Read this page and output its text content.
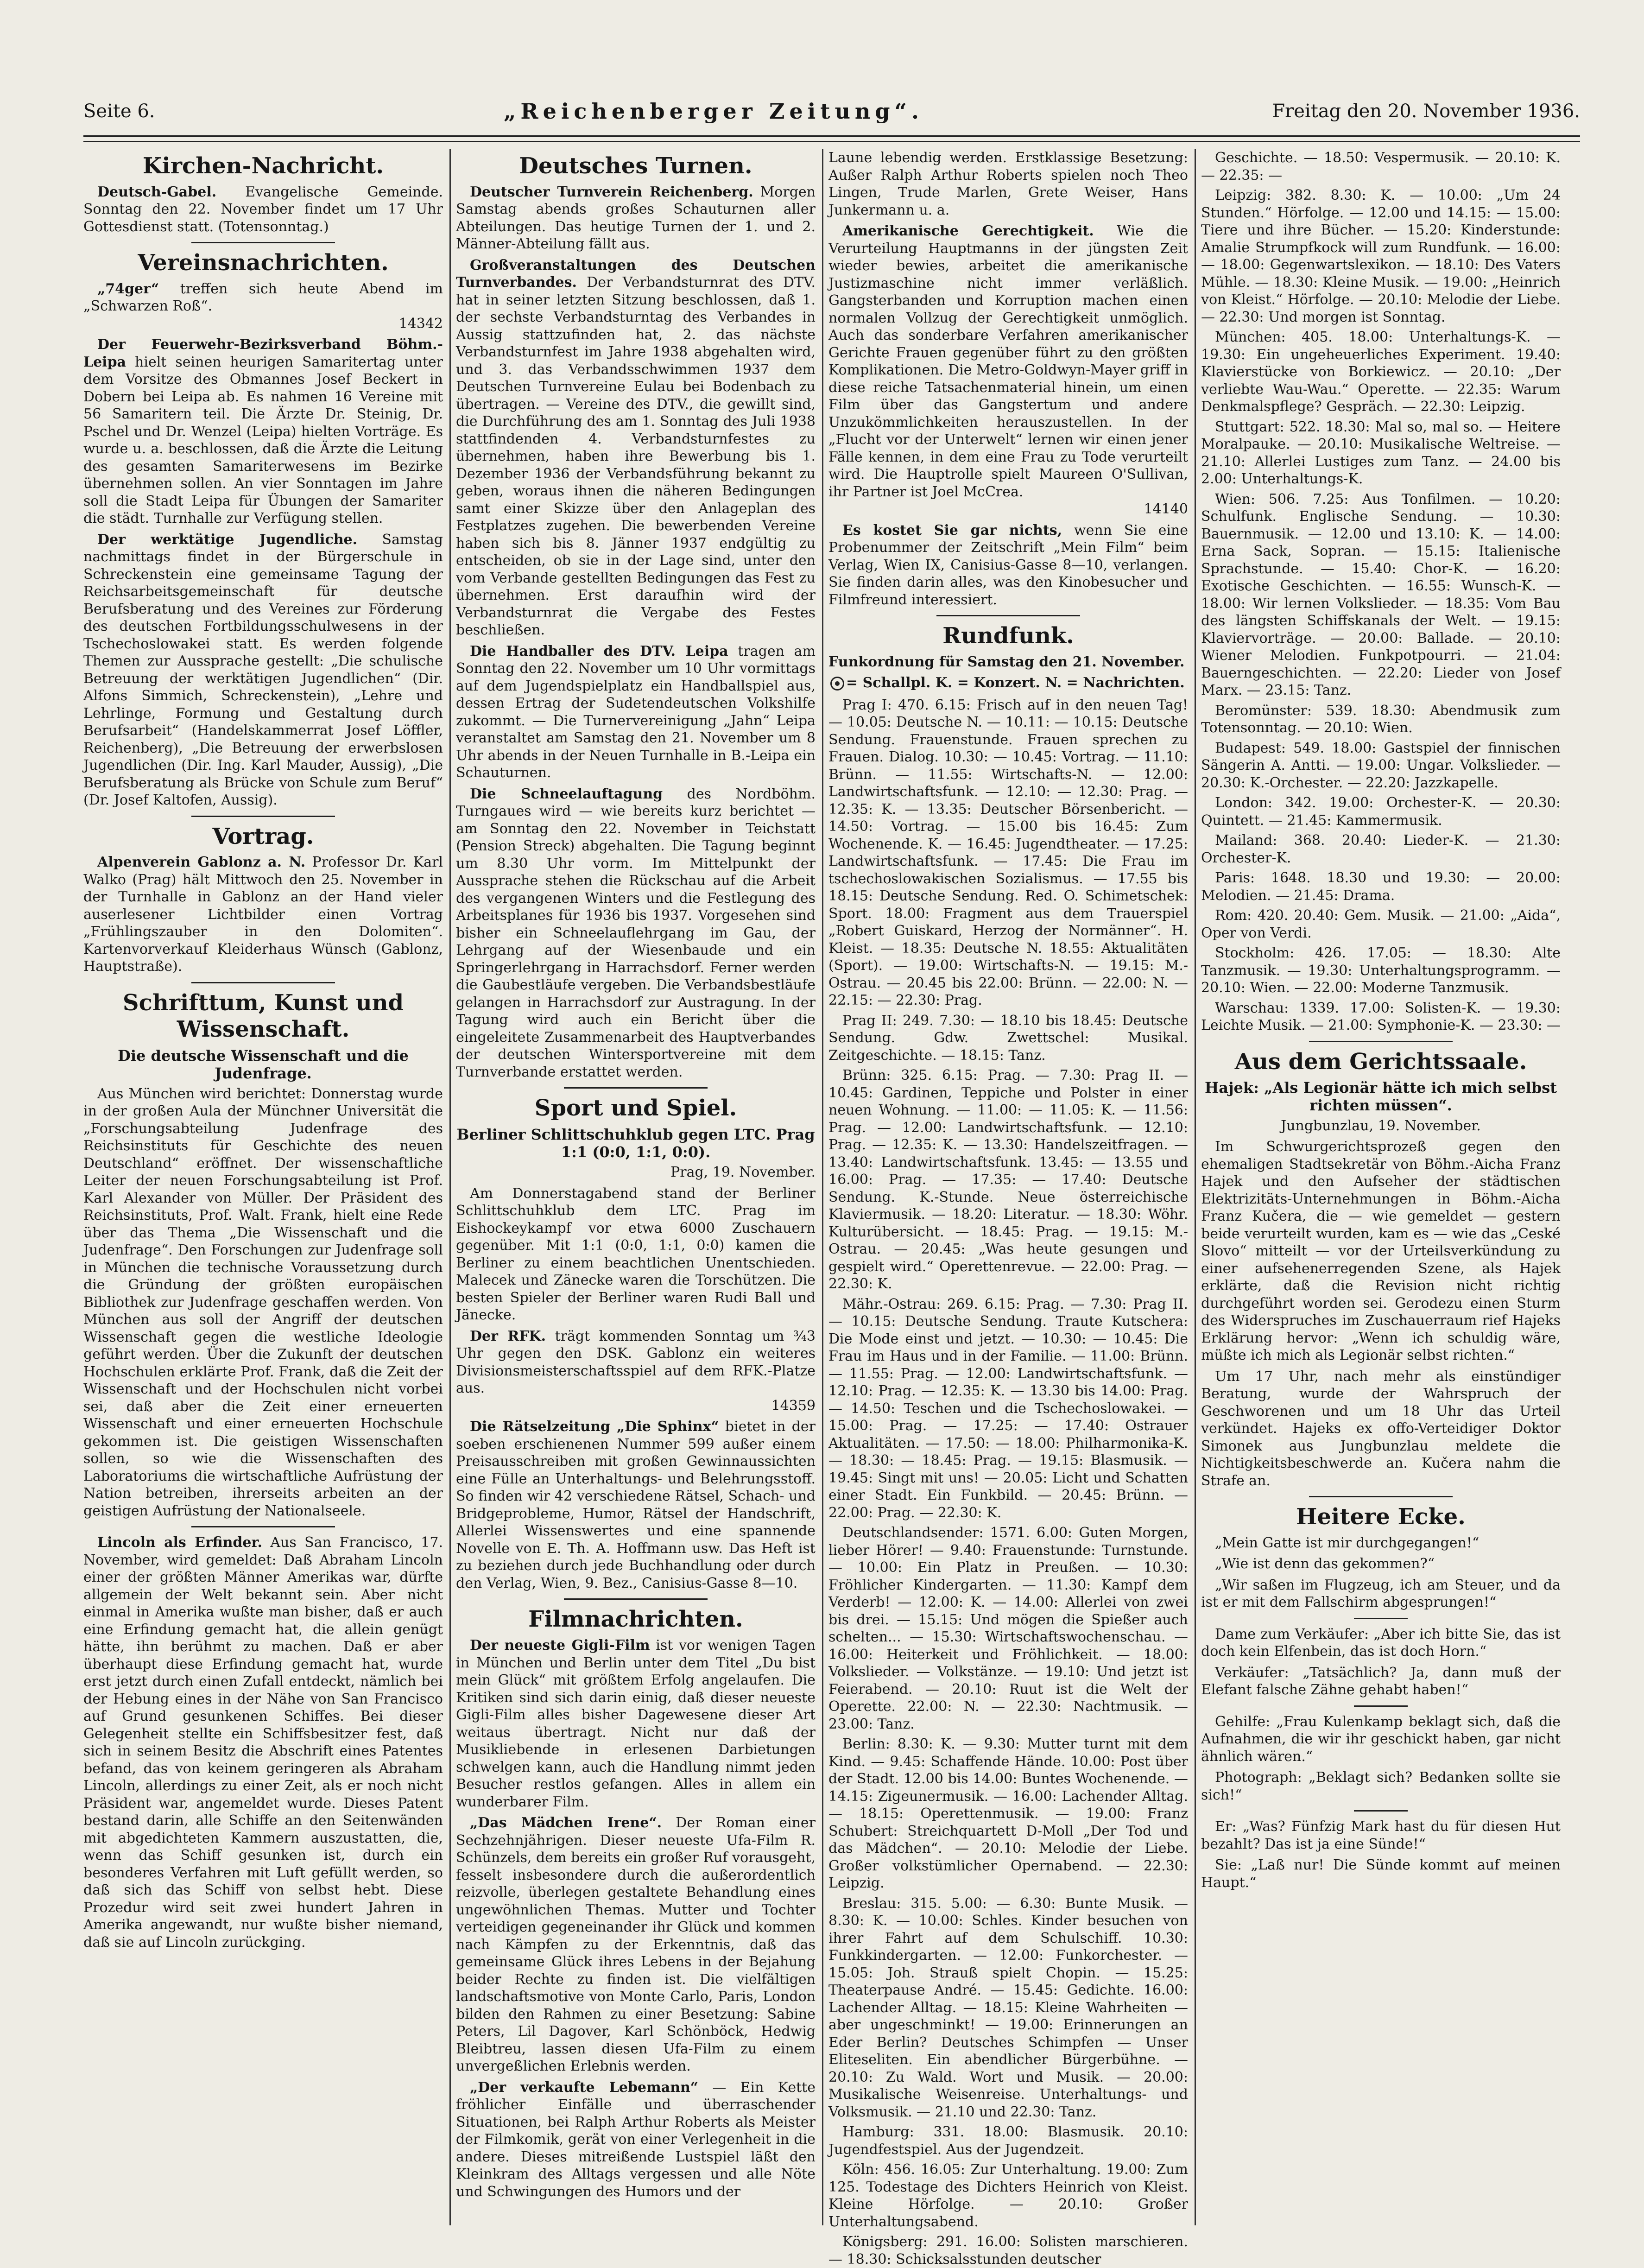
Seite 6.	„Reichenberger Zeitung“.	Freitag den 20. November 1936.
Kirchen-Nachricht.

Deutsch-Gabel. Evangelische Gemeinde. Sonntag den 22. November findet um 17 Uhr Gottesdienst statt. (Totensonntag.)

Vereinsnachrichten.

„74ger“ treffen sich heute Abend im „Schwarzen Roß“.
14342

Der Feuerwehr-Bezirksverband Böhm.-Leipa hielt seinen heurigen Samaritertag unter dem Vorsitze des Obmannes Josef Beckert in Dobern bei Leipa ab. Es nahmen 16 Vereine mit 56 Samaritern teil. Die Ärzte Dr. Steinig, Dr. Pschel und Dr. Wenzel (Leipa) hielten Vorträge. Es wurde u. a. beschlossen, daß die Ärzte die Leitung des gesamten Samariterwesens im Bezirke übernehmen sollen. An vier Sonntagen im Jahre soll die Stadt Leipa für Übungen der Samariter die städt. Turnhalle zur Verfügung stellen.

Der werktätige Jugendliche. Samstag nachmittags findet in der Bürgerschule in Schreckenstein eine gemeinsame Tagung der Reichsarbeitsgemeinschaft für deutsche Berufsberatung und des Vereines zur Förderung des deutschen Fortbildungsschulwesens in der Tschechoslowakei statt. Es werden folgende Themen zur Aussprache gestellt: „Die schulische Betreuung der werktätigen Jugendlichen“ (Dir. Alfons Simmich, Schreckenstein), „Lehre und Lehrlinge, Formung und Gestaltung durch Berufsarbeit“ (Handelskammerrat Josef Löffler, Reichenberg), „Die Betreuung der erwerbslosen Jugendlichen (Dir. Ing. Karl Mauder, Aussig), „Die Berufsberatung als Brücke von Schule zum Beruf“ (Dr. Josef Kaltofen, Aussig).

Vortrag.

Alpenverein Gablonz a. N. Professor Dr. Karl Walko (Prag) hält Mittwoch den 25. November in der Turnhalle in Gablonz an der Hand vieler auserlesener Lichtbilder einen Vortrag „Frühlingszauber in den Dolomiten“. Kartenvorverkauf Kleiderhaus Wünsch (Gablonz, Hauptstraße).

Schrifttum, Kunst und Wissenschaft.
Die deutsche Wissenschaft und die Judenfrage.

Aus München wird berichtet: Donnerstag wurde in der großen Aula der Münchner Universität die „Forschungsabteilung Judenfrage des Reichsinstituts für Geschichte des neuen Deutschland“ eröffnet. Der wissenschaftliche Leiter der neuen Forschungsabteilung ist Prof. Karl Alexander von Müller. Der Präsident des Reichsinstituts, Prof. Walt. Frank, hielt eine Rede über das Thema „Die Wissenschaft und die Judenfrage“. Den Forschungen zur Judenfrage soll in München die technische Voraussetzung durch die Gründung der größten europäischen Bibliothek zur Judenfrage geschaffen werden. Von München aus soll der Angriff der deutschen Wissenschaft gegen die westliche Ideologie geführt werden. Über die Zukunft der deutschen Hochschulen erklärte Prof. Frank, daß die Zeit der Wissenschaft und der Hochschulen nicht vorbei sei, daß aber die Zeit einer erneuerten Wissenschaft und einer erneuerten Hochschule gekommen ist. Die geistigen Wissenschaften sollen, so wie die Wissenschaften des Laboratoriums die wirtschaftliche Aufrüstung der Nation betreiben, ihrerseits arbeiten an der geistigen Aufrüstung der Nationalseele.

Lincoln als Erfinder. Aus San Francisco, 17. November, wird gemeldet: Daß Abraham Lincoln einer der größten Männer Amerikas war, dürfte allgemein der Welt bekannt sein. Aber nicht einmal in Amerika wußte man bisher, daß er auch eine Erfindung gemacht hat, die allein genügt hätte, ihn berühmt zu machen. Daß er aber überhaupt diese Erfindung gemacht hat, wurde erst jetzt durch einen Zufall entdeckt, nämlich bei der Hebung eines in der Nähe von San Francisco auf Grund gesunkenen Schiffes. Bei dieser Gelegenheit stellte ein Schiffsbesitzer fest, daß sich in seinem Besitz die Abschrift eines Patentes befand, das von keinem geringeren als Abraham Lincoln, allerdings zu einer Zeit, als er noch nicht Präsident war, angemeldet wurde. Dieses Patent bestand darin, alle Schiffe an den Seitenwänden mit abgedichteten Kammern auszustatten, die, wenn das Schiff gesunken ist, durch ein besonderes Verfahren mit Luft gefüllt werden, so daß sich das Schiff von selbst hebt. Diese Prozedur wird seit zwei hundert Jahren in Amerika angewandt, nur wußte bisher niemand, daß sie auf Lincoln zurückging.

Deutsches Turnen.

Deutscher Turnverein Reichenberg. Morgen Samstag abends großes Schauturnen aller Abteilungen. Das heutige Turnen der 1. und 2. Männer-Abteilung fällt aus.

Großveranstaltungen des Deutschen Turnverbandes. Der Verbandsturnrat des DTV. hat in seiner letzten Sitzung beschlossen, daß 1. der sechste Verbandsturntag des Verbandes in Aussig stattzufinden hat, 2. das nächste Verbandsturnfest im Jahre 1938 abgehalten wird, und 3. das Verbandsschwimmen 1937 dem Deutschen Turnvereine Eulau bei Bodenbach zu übertragen. — Vereine des DTV., die gewillt sind, die Durchführung des am 1. Sonntag des Juli 1938 stattfindenden 4. Verbandsturnfestes zu übernehmen, haben ihre Bewerbung bis 1. Dezember 1936 der Verbandsführung bekannt zu geben, woraus ihnen die näheren Bedingungen samt einer Skizze über den Anlageplan des Festplatzes zugehen. Die bewerbenden Vereine haben sich bis 8. Jänner 1937 endgültig zu entscheiden, ob sie in der Lage sind, unter den vom Verbande gestellten Bedingungen das Fest zu übernehmen. Erst daraufhin wird der Verbandsturnrat die Vergabe des Festes beschließen.

Die Handballer des DTV. Leipa tragen am Sonntag den 22. November um 10 Uhr vormittags auf dem Jugendspielplatz ein Handballspiel aus, dessen Ertrag der Sudetendeutschen Volkshilfe zukommt. — Die Turnervereinigung „Jahn“ Leipa veranstaltet am Samstag den 21. November um 8 Uhr abends in der Neuen Turnhalle in B.-Leipa ein Schauturnen.

Die Schneelauftagung des Nordböhm. Turngaues wird — wie bereits kurz berichtet — am Sonntag den 22. November in Teichstatt (Pension Streck) abgehalten. Die Tagung beginnt um 8.30 Uhr vorm. Im Mittelpunkt der Aussprache stehen die Rückschau auf die Arbeit des vergangenen Winters und die Festlegung des Arbeitsplanes für 1936 bis 1937. Vorgesehen sind bisher ein Schneelauflehrgang im Gau, der Lehrgang auf der Wiesenbaude und ein Springerlehrgang in Harrachsdorf. Ferner werden die Gaubestläufe vergeben. Die Verbandsbestläufe gelangen in Harrachsdorf zur Austragung. In der Tagung wird auch ein Bericht über die eingeleitete Zusammenarbeit des Hauptverbandes der deutschen Wintersportvereine mit dem Turnverbande erstattet werden.

Sport und Spiel.
Berliner Schlittschuhklub gegen LTC. Prag 1:1 (0:0, 1:1, 0:0).

Prag, 19. November.

Am Donnerstagabend stand der Berliner Schlittschuhklub dem LTC. Prag im Eishockeykampf vor etwa 6000 Zuschauern gegenüber. Mit 1:1 (0:0, 1:1, 0:0) kamen die Berliner zu einem beachtlichen Unentschieden. Malecek und Zänecke waren die Torschützen. Die besten Spieler der Berliner waren Rudi Ball und Jänecke.

Der RFK. trägt kommenden Sonntag um ¾3 Uhr gegen den DSK. Gablonz ein weiteres Divisionsmeisterschaftsspiel auf dem RFK.-Platze aus.
14359

Die Rätselzeitung „Die Sphinx“ bietet in der soeben erschienenen Nummer 599 außer einem Preisausschreiben mit großen Gewinnaussichten eine Fülle an Unterhaltungs- und Belehrungsstoff. So finden wir 42 verschiedene Rätsel, Schach- und Bridgeprobleme, Humor, Rätsel der Handschrift, Allerlei Wissenswertes und eine spannende Novelle von E. Th. A. Hoffmann usw. Das Heft ist zu beziehen durch jede Buchhandlung oder durch den Verlag, Wien, 9. Bez., Canisius-Gasse 8—10.

Filmnachrichten.

Der neueste Gigli-Film ist vor wenigen Tagen in München und Berlin unter dem Titel „Du bist mein Glück“ mit größtem Erfolg angelaufen. Die Kritiken sind sich darin einig, daß dieser neueste Gigli-Film alles bisher Dagewesene dieser Art weitaus übertragt. Nicht nur daß der Musikliebende in erlesenen Darbietungen schwelgen kann, auch die Handlung nimmt jeden Besucher restlos gefangen. Alles in allem ein wunderbarer Film.

„Das Mädchen Irene“. Der Roman einer Sechzehnjährigen. Dieser neueste Ufa-Film R. Schünzels, dem bereits ein großer Ruf vorausgeht, fesselt insbesondere durch die außerordentlich reizvolle, überlegen gestaltete Behandlung eines ungewöhnlichen Themas. Mutter und Tochter verteidigen gegeneinander ihr Glück und kommen nach Kämpfen zu der Erkenntnis, daß das gemeinsame Glück ihres Lebens in der Bejahung beider Rechte zu finden ist. Die vielfältigen landschaftsmotive von Monte Carlo, Paris, London bilden den Rahmen zu einer Besetzung: Sabine Peters, Lil Dagover, Karl Schönböck, Hedwig Bleibtreu, lassen diesen Ufa-Film zu einem unvergeßlichen Erlebnis werden.

„Der verkaufte Lebemann“ — Ein Kette fröhlicher Einfälle und überraschender Situationen, bei Ralph Arthur Roberts als Meister der Filmkomik, gerät von einer Verlegenheit in die andere. Dieses mitreißende Lustspiel läßt den Kleinkram des Alltags vergessen und alle Nöte und Schwingungen des Humors und der

Laune lebendig werden. Erstklassige Besetzung: Außer Ralph Arthur Roberts spielen noch Theo Lingen, Trude Marlen, Grete Weiser, Hans Junkermann u. a.

Amerikanische Gerechtigkeit. Wie die Verurteilung Hauptmanns in der jüngsten Zeit wieder bewies, arbeitet die amerikanische Justizmaschine nicht immer verläßlich. Gangsterbanden und Korruption machen einen normalen Vollzug der Gerechtigkeit unmöglich. Auch das sonderbare Verfahren amerikanischer Gerichte Frauen gegenüber führt zu den größten Komplikationen. Die Metro-Goldwyn-Mayer griff in diese reiche Tatsachenmaterial hinein, um einen Film über das Gangstertum und andere Unzukömmlichkeiten herauszustellen. In der „Flucht vor der Unterwelt“ lernen wir einen jener Fälle kennen, in dem eine Frau zu Tode verurteilt wird. Die Hauptrolle spielt Maureen O'Sullivan, ihr Partner ist Joel McCrea.
14140

Es kostet Sie gar nichts, wenn Sie eine Probenummer der Zeitschrift „Mein Film“ beim Verlag, Wien IX, Canisius-Gasse 8—10, verlangen. Sie finden darin alles, was den Kinobesucher und Filmfreund interessiert.

Rundfunk.

Funkordnung für Samstag den 21. November.

= Schallpl. K. = Konzert. N. = Nachrichten.

Prag I: 470. 6.15: Frisch auf in den neuen Tag! — 10.05: Deutsche N. — 10.11: — 10.15: Deutsche Sendung. Frauenstunde. Frauen sprechen zu Frauen. Dialog. 10.30: — 10.45: Vortrag. — 11.10: Brünn. — 11.55: Wirtschafts-N. — 12.00: Landwirtschaftsfunk. — 12.10: — 12.30: Prag. — 12.35: K. — 13.35: Deutscher Börsenbericht. — 14.50: Vortrag. — 15.00 bis 16.45: Zum Wochenende. K. — 16.45: Jugendtheater. — 17.25: Landwirtschaftsfunk. — 17.45: Die Frau im tschechoslowakischen Sozialismus. — 17.55 bis 18.15: Deutsche Sendung. Red. O. Schimetschek: Sport. 18.00: Fragment aus dem Trauerspiel „Robert Guiskard, Herzog der Normänner“. H. Kleist. — 18.35: Deutsche N. 18.55: Aktualitäten (Sport). — 19.00: Wirtschafts-N. — 19.15: M.-Ostrau. — 20.45 bis 22.00: Brünn. — 22.00: N. — 22.15: — 22.30: Prag.

Prag II: 249. 7.30: — 18.10 bis 18.45: Deutsche Sendung. Gdw. Zwettschel: Musikal. Zeitgeschichte. — 18.15: Tanz.

Brünn: 325. 6.15: Prag. — 7.30: Prag II. — 10.45: Gardinen, Teppiche und Polster in einer neuen Wohnung. — 11.00: — 11.05: K. — 11.56: Prag. — 12.00: Landwirtschaftsfunk. — 12.10: Prag. — 12.35: K. — 13.30: Handelszeitfragen. — 13.40: Landwirtschaftsfunk. 13.45: — 13.55 und 16.00: Prag. — 17.35: — 17.40: Deutsche Sendung. K.-Stunde. Neue österreichische Klaviermusik. — 18.20: Literatur. — 18.30: Wöhr. Kulturübersicht. — 18.45: Prag. — 19.15: M.-Ostrau. — 20.45: „Was heute gesungen und gespielt wird.“ Operettenrevue. — 22.00: Prag. — 22.30: K.

Mähr.-Ostrau: 269. 6.15: Prag. — 7.30: Prag II. — 10.15: Deutsche Sendung. Traute Kutschera: Die Mode einst und jetzt. — 10.30: — 10.45: Die Frau im Haus und in der Familie. — 11.00: Brünn. — 11.55: Prag. — 12.00: Landwirtschaftsfunk. — 12.10: Prag. — 12.35: K. — 13.30 bis 14.00: Prag. — 14.50: Teschen und die Tschechoslowakei. — 15.00: Prag. — 17.25: — 17.40: Ostrauer Aktualitäten. — 17.50: — 18.00: Philharmonika-K. — 18.30: — 18.45: Prag. — 19.15: Blasmusik. — 19.45: Singt mit uns! — 20.05: Licht und Schatten einer Stadt. Ein Funkbild. — 20.45: Brünn. — 22.00: Prag. — 22.30: K.

Deutschlandsender: 1571. 6.00: Guten Morgen, lieber Hörer! — 9.40: Frauenstunde: Turnstunde. — 10.00: Ein Platz in Preußen. — 10.30: Fröhlicher Kindergarten. — 11.30: Kampf dem Verderb! — 12.00: K. — 14.00: Allerlei von zwei bis drei. — 15.15: Und mögen die Spießer auch schelten... — 15.30: Wirtschaftswochenschau. — 16.00: Heiterkeit und Fröhlichkeit. — 18.00: Volkslieder. — Volkstänze. — 19.10: Und jetzt ist Feierabend. — 20.10: Ruut ist die Welt der Operette. 22.00: N. — 22.30: Nachtmusik. — 23.00: Tanz.

Berlin: 8.30: K. — 9.30: Mutter turnt mit dem Kind. — 9.45: Schaffende Hände. 10.00: Post über der Stadt. 12.00 bis 14.00: Buntes Wochenende. — 14.15: Zigeunermusik. — 16.00: Lachender Alltag. — 18.15: Operettenmusik. — 19.00: Franz Schubert: Streichquartett D-Moll „Der Tod und das Mädchen“. — 20.10: Melodie der Liebe. Großer volkstümlicher Opernabend. — 22.30: Leipzig.

Breslau: 315. 5.00: — 6.30: Bunte Musik. — 8.30: K. — 10.00: Schles. Kinder besuchen von ihrer Fahrt auf dem Schulschiff. 10.30: Funkkindergarten. — 12.00: Funkorchester. — 15.05: Joh. Strauß spielt Chopin. — 15.25: Theaterpause André. — 15.45: Gedichte. 16.00: Lachender Alltag. — 18.15: Kleine Wahrheiten — aber ungeschminkt! — 19.00: Erinnerungen an Eder Berlin? Deutsches Schimpfen — Unser Eliteseliten. Ein abendlicher Bürgerbühne. — 20.10: Zu Wald. Wort und Musik. — 20.00: Musikalische Weisenreise. Unterhaltungs- und Volksmusik. — 21.10 und 22.30: Tanz.

Hamburg: 331. 18.00: Blasmusik. 20.10: Jugendfestspiel. Aus der Jugendzeit.

Köln: 456. 16.05: Zur Unterhaltung. 19.00: Zum 125. Todestage des Dichters Heinrich von Kleist. Kleine Hörfolge. — 20.10: Großer Unterhaltungsabend.

Königsberg: 291. 16.00: Solisten marschieren. — 18.30: Schicksalsstunden deutscher

Geschichte. — 18.50: Vespermusik. — 20.10: K. — 22.35: —

Leipzig: 382. 8.30: K. — 10.00: „Um 24 Stunden.“ Hörfolge. — 12.00 und 14.15: — 15.00: Tiere und ihre Bücher. — 15.20: Kinderstunde: Amalie Strumpfkock will zum Rundfunk. — 16.00: — 18.00: Gegenwartslexikon. — 18.10: Des Vaters Mühle. — 18.30: Kleine Musik. — 19.00: „Heinrich von Kleist.“ Hörfolge. — 20.10: Melodie der Liebe. — 22.30: Und morgen ist Sonntag.

München: 405. 18.00: Unterhaltungs-K. — 19.30: Ein ungeheuerliches Experiment. 19.40: Klavierstücke von Borkiewicz. — 20.10: „Der verliebte Wau-Wau.“ Operette. — 22.35: Warum Denkmalspflege? Gespräch. — 22.30: Leipzig.

Stuttgart: 522. 18.30: Mal so, mal so. — Heitere Moralpauke. — 20.10: Musikalische Weltreise. — 21.10: Allerlei Lustiges zum Tanz. — 24.00 bis 2.00: Unterhaltungs-K.

Wien: 506. 7.25: Aus Tonfilmen. — 10.20: Schulfunk. Englische Sendung. — 10.30: Bauernmusik. — 12.00 und 13.10: K. — 14.00: Erna Sack, Sopran. — 15.15: Italienische Sprachstunde. — 15.40: Chor-K. — 16.20: Exotische Geschichten. — 16.55: Wunsch-K. — 18.00: Wir lernen Volkslieder. — 18.35: Vom Bau des längsten Schiffskanals der Welt. — 19.15: Klaviervorträge. — 20.00: Ballade. — 20.10: Wiener Melodien. Funkpotpourri. — 21.04: Bauerngeschichten. — 22.20: Lieder von Josef Marx. — 23.15: Tanz.

Beromünster: 539. 18.30: Abendmusik zum Totensonntag. — 20.10: Wien.

Budapest: 549. 18.00: Gastspiel der finnischen Sängerin A. Antti. — 19.00: Ungar. Volkslieder. — 20.30: K.-Orchester. — 22.20: Jazzkapelle.

London: 342. 19.00: Orchester-K. — 20.30: Quintett. — 21.45: Kammermusik.

Mailand: 368. 20.40: Lieder-K. — 21.30: Orchester-K.

Paris: 1648. 18.30 und 19.30: — 20.00: Melodien. — 21.45: Drama.

Rom: 420. 20.40: Gem. Musik. — 21.00: „Aida“, Oper von Verdi.

Stockholm: 426. 17.05: — 18.30: Alte Tanzmusik. — 19.30: Unterhaltungsprogramm. — 20.10: Wien. — 22.00: Moderne Tanzmusik.

Warschau: 1339. 17.00: Solisten-K. — 19.30: Leichte Musik. — 21.00: Symphonie-K. — 23.30: —

Aus dem Gerichtssaale.
Hajek: „Als Legionär hätte ich mich selbst richten müssen“.

Jungbunzlau, 19. November.

Im Schwurgerichtsprozeß gegen den ehemaligen Stadtsekretär von Böhm.-Aicha Franz Hajek und den Aufseher der städtischen Elektrizitäts-Unternehmungen in Böhm.-Aicha Franz Kučera, die — wie gemeldet — gestern beide verurteilt wurden, kam es — wie das „Ceské Slovo“ mitteilt — vor der Urteilsverkündung zu einer aufsehenerregenden Szene, als Hajek erklärte, daß die Revision nicht richtig durchgeführt worden sei. Gerodezu einen Sturm des Widerspruches im Zuschauerraum rief Hajeks Erklärung hervor: „Wenn ich schuldig wäre, müßte ich mich als Legionär selbst richten.“

Um 17 Uhr, nach mehr als einstündiger Beratung, wurde der Wahrspruch der Geschworenen und um 18 Uhr das Urteil verkündet. Hajeks ex offo-Verteidiger Doktor Simonek aus Jungbunzlau meldete die Nichtigkeitsbeschwerde an. Kučera nahm die Strafe an.

Heitere Ecke.

„Mein Gatte ist mir durchgegangen!“

„Wie ist denn das gekommen?“

„Wir saßen im Flugzeug, ich am Steuer, und da ist er mit dem Fallschirm abgesprungen!“

Dame zum Verkäufer: „Aber ich bitte Sie, das ist doch kein Elfenbein, das ist doch Horn.“

Verkäufer: „Tatsächlich? Ja, dann muß der Elefant falsche Zähne gehabt haben!“

Gehilfe: „Frau Kulenkamp beklagt sich, daß die Aufnahmen, die wir ihr geschickt haben, gar nicht ähnlich wären.“

Photograph: „Beklagt sich? Bedanken sollte sie sich!“

Er: „Was? Fünfzig Mark hast du für diesen Hut bezahlt? Das ist ja eine Sünde!“

Sie: „Laß nur! Die Sünde kommt auf meinen Haupt.“
